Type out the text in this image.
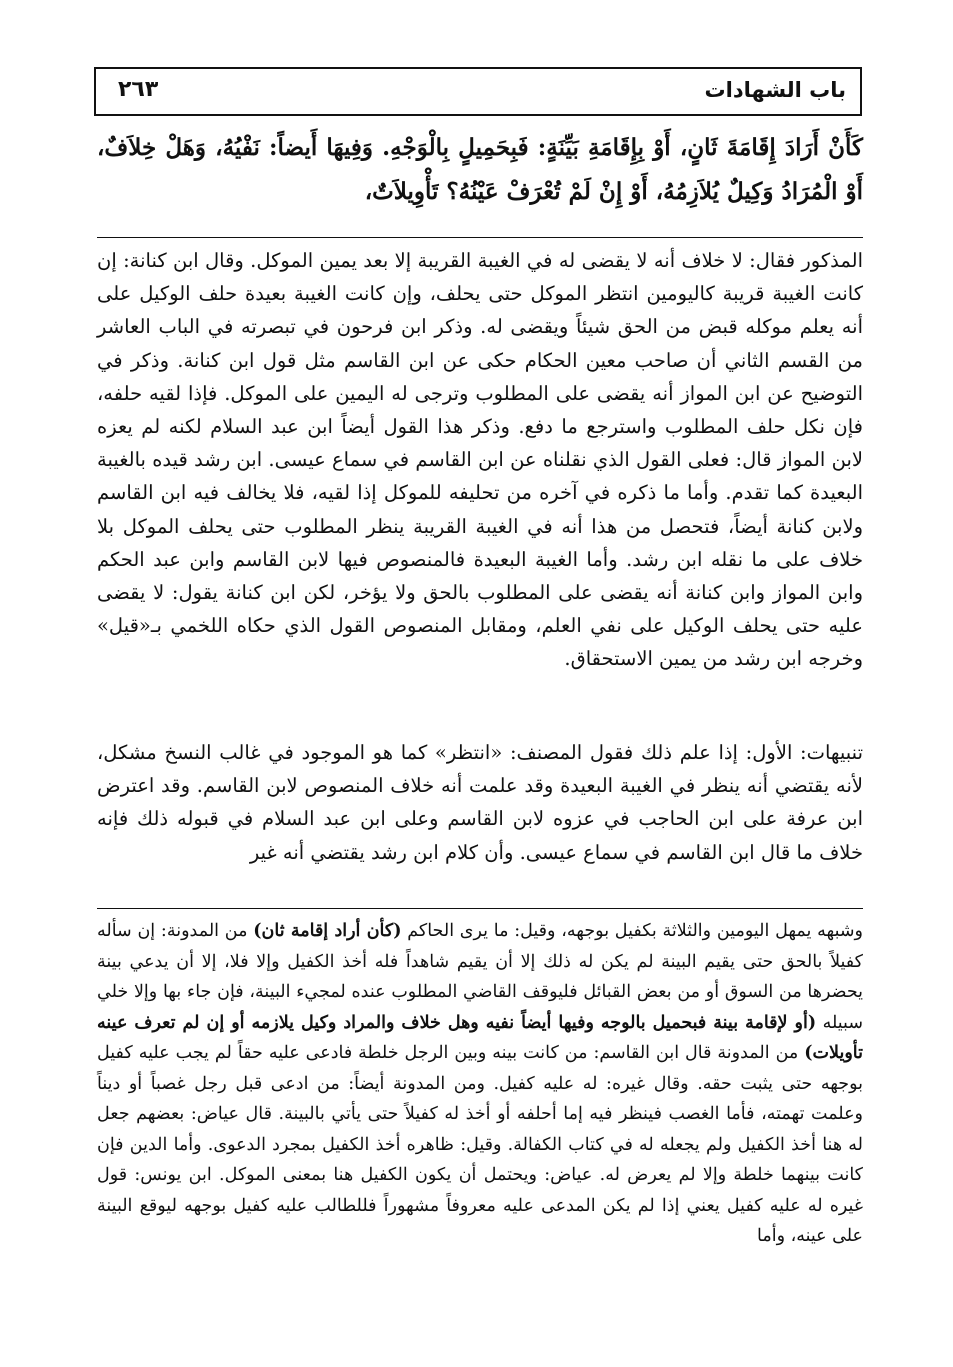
باب الشهادات
٢٦٣

كَأَنْ أَرَادَ إِقَامَةَ ثَانٍ، أَوْ بِإِقَامَةِ بَيِّنَةٍ: فَبِحَمِيلٍ بِالْوَجْهِ. وَفِيهَا أَيضاً: نَفْيُهُ، وَهَلْ خِلاَفٌ، أَوْ الْمُرَادُ وَكِيلٌ يُلاَزِمُهُ، أَوْ إِنْ لَمْ تُعْرَفْ عَيْنُهُ؟ تَأْوِيلاَتٌ،

المذكور فقال: لا خلاف أنه لا يقضى له في الغيبة القريبة إلا بعد يمين الموكل. وقال ابن كنانة: إن كانت الغيبة قريبة كاليومين انتظر الموكل حتى يحلف، وإن كانت الغيبة بعيدة حلف الوكيل على أنه يعلم موكله قبض من الحق شيئاً ويقضى له. وذكر ابن فرحون في تبصرته في الباب العاشر من القسم الثاني أن صاحب معين الحكام حكى عن ابن القاسم مثل قول ابن كنانة. وذكر في التوضيح عن ابن المواز أنه يقضى على المطلوب وترجى له اليمين على الموكل. فإذا لقيه حلفه، فإن نكل حلف المطلوب واسترجع ما دفع. وذكر هذا القول أيضاً ابن عبد السلام لكنه لم يعزه لابن المواز قال: فعلى القول الذي نقلناه عن ابن القاسم في سماع عيسى. ابن رشد قيده بالغيبة البعيدة كما تقدم. وأما ما ذكره في آخره من تحليفه للموكل إذا لقيه، فلا يخالف فيه ابن القاسم ولابن كنانة أيضاً، فتحصل من هذا أنه في الغيبة القريبة ينظر المطلوب حتى يحلف الموكل بلا خلاف على ما نقله ابن رشد. وأما الغيبة البعيدة فالمنصوص فيها لابن القاسم وابن عبد الحكم وابن المواز وابن كنانة أنه يقضى على المطلوب بالحق ولا يؤخر، لكن ابن كنانة يقول: لا يقضى عليه حتى يحلف الوكيل على نفي العلم، ومقابل المنصوص القول الذي حكاه اللخمي بـ«قيل» وخرجه ابن رشد من يمين الاستحقاق.

تنبيهات: الأول: إذا علم ذلك فقول المصنف: «انتظر» كما هو الموجود في غالب النسخ مشكل، لأنه يقتضي أنه ينظر في الغيبة البعيدة وقد علمت أنه خلاف المنصوص لابن القاسم. وقد اعترض ابن عرفة على ابن الحاجب في عزوه لابن القاسم وعلى ابن عبد السلام في قبوله ذلك فإنه خلاف ما قال ابن القاسم في سماع عيسى. وأن كلام ابن رشد يقتضي أنه غير

وشبهه يمهل اليومين والثلاثة بكفيل بوجهه، وقيل: ما يرى الحاكم (كأن أراد إقامة ثان) من المدونة: إن سأله كفيلاً بالحق حتى يقيم البينة لم يكن له ذلك إلا أن يقيم شاهداً فله أخذ الكفيل وإلا فلا، إلا أن يدعي بينة يحضرها من السوق أو من بعض القبائل فليوقف القاضي المطلوب عنده لمجيء البينة، فإن جاء بها وإلا خلي سبيله (أو لإقامة بينة فبحميل بالوجه وفيها أيضاً نفيه وهل خلاف والمراد وكيل يلازمه أو إن لم تعرف عينه تأويلات) من المدونة قال ابن القاسم: من كانت بينه وبين الرجل خلطة فادعى عليه حقاً لم يجب عليه كفيل بوجهه حتى يثبت حقه. وقال غيره: له عليه كفيل. ومن المدونة أيضاً: من ادعى قبل رجل غصباً أو ديناً وعلمت تهمته، فأما الغصب فينظر فيه إما أحلفه أو أخذ له كفيلاً حتى يأتي بالبينة. قال عياض: بعضهم جعل له هنا أخذ الكفيل ولم يجعله له في كتاب الكفالة. وقيل: ظاهره أخذ الكفيل بمجرد الدعوى. وأما الدين فإن كانت بينهما خلطة وإلا لم يعرض له. عياض: ويحتمل أن يكون الكفيل هنا بمعنى الموكل. ابن يونس: قول غيره له عليه كفيل يعني إذا لم يكن المدعى عليه معروفاً مشهوراً فللطالب عليه كفيل بوجهه ليوقع البينة على عينه، وأما
